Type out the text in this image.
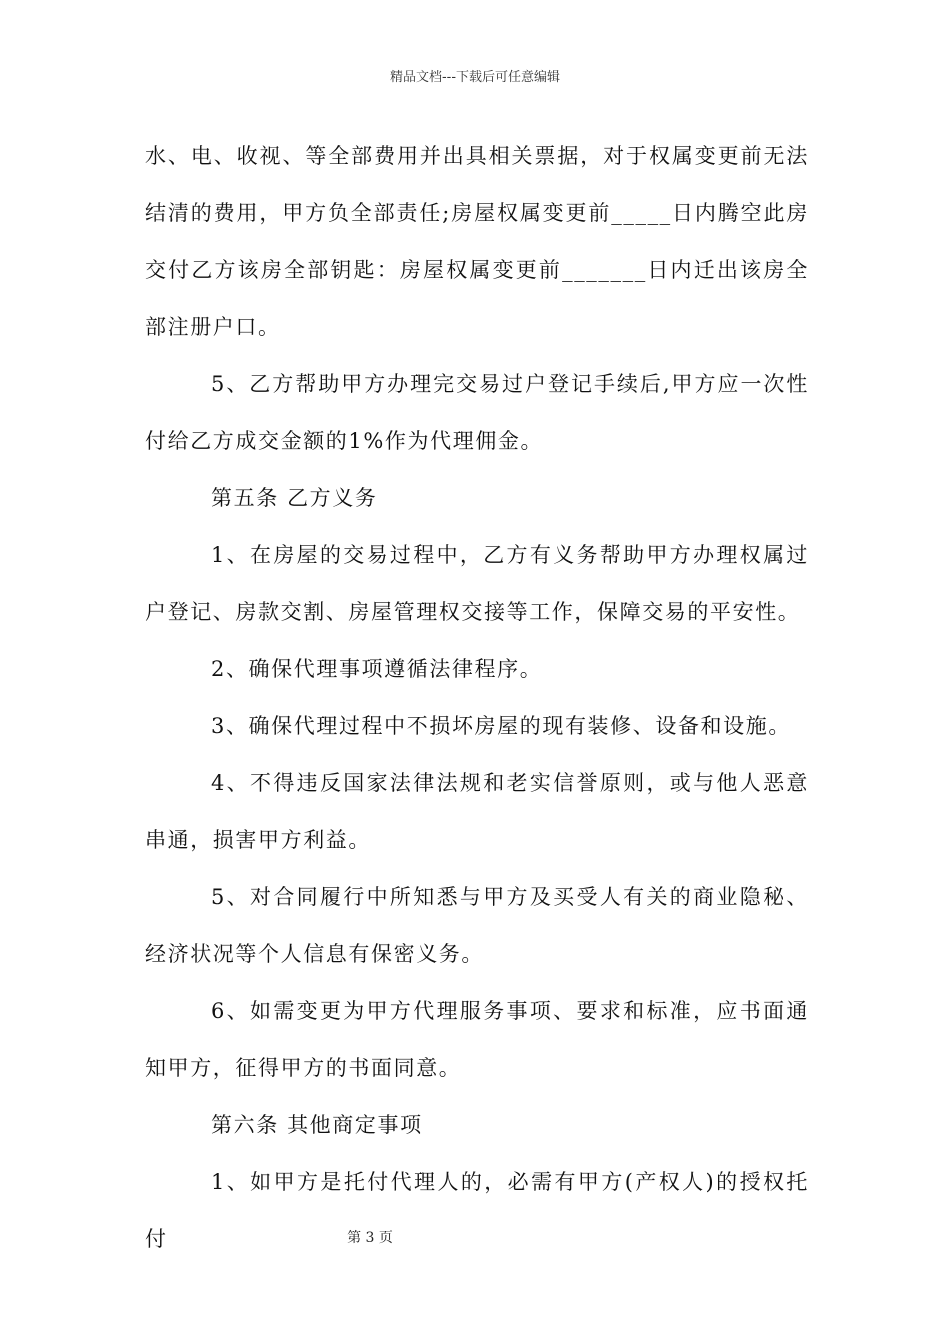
精品文档---下载后可任意编辑

水、电、收视、等全部费用并出具相关票据，对于权属变更前无法结清的费用，甲方负全部责任;房屋权属变更前_____日内腾空此房交付乙方该房全部钥匙：房屋权属变更前_______日内迁出该房全部注册户口。

5、乙方帮助甲方办理完交易过户登记手续后,甲方应一次性付给乙方成交金额的1%作为代理佣金。

第五条 乙方义务

1、在房屋的交易过程中，乙方有义务帮助甲方办理权属过户登记、房款交割、房屋管理权交接等工作，保障交易的平安性。

2、确保代理事项遵循法律程序。

3、确保代理过程中不损坏房屋的现有装修、设备和设施。

4、不得违反国家法律法规和老实信誉原则，或与他人恶意串通，损害甲方利益。

5、对合同履行中所知悉与甲方及买受人有关的商业隐秘、经济状况等个人信息有保密义务。

6、如需变更为甲方代理服务事项、要求和标准，应书面通知甲方，征得甲方的书面同意。

第六条 其他商定事项

1、如甲方是托付代理人的，必需有甲方(产权人)的授权托付	第 3 页
